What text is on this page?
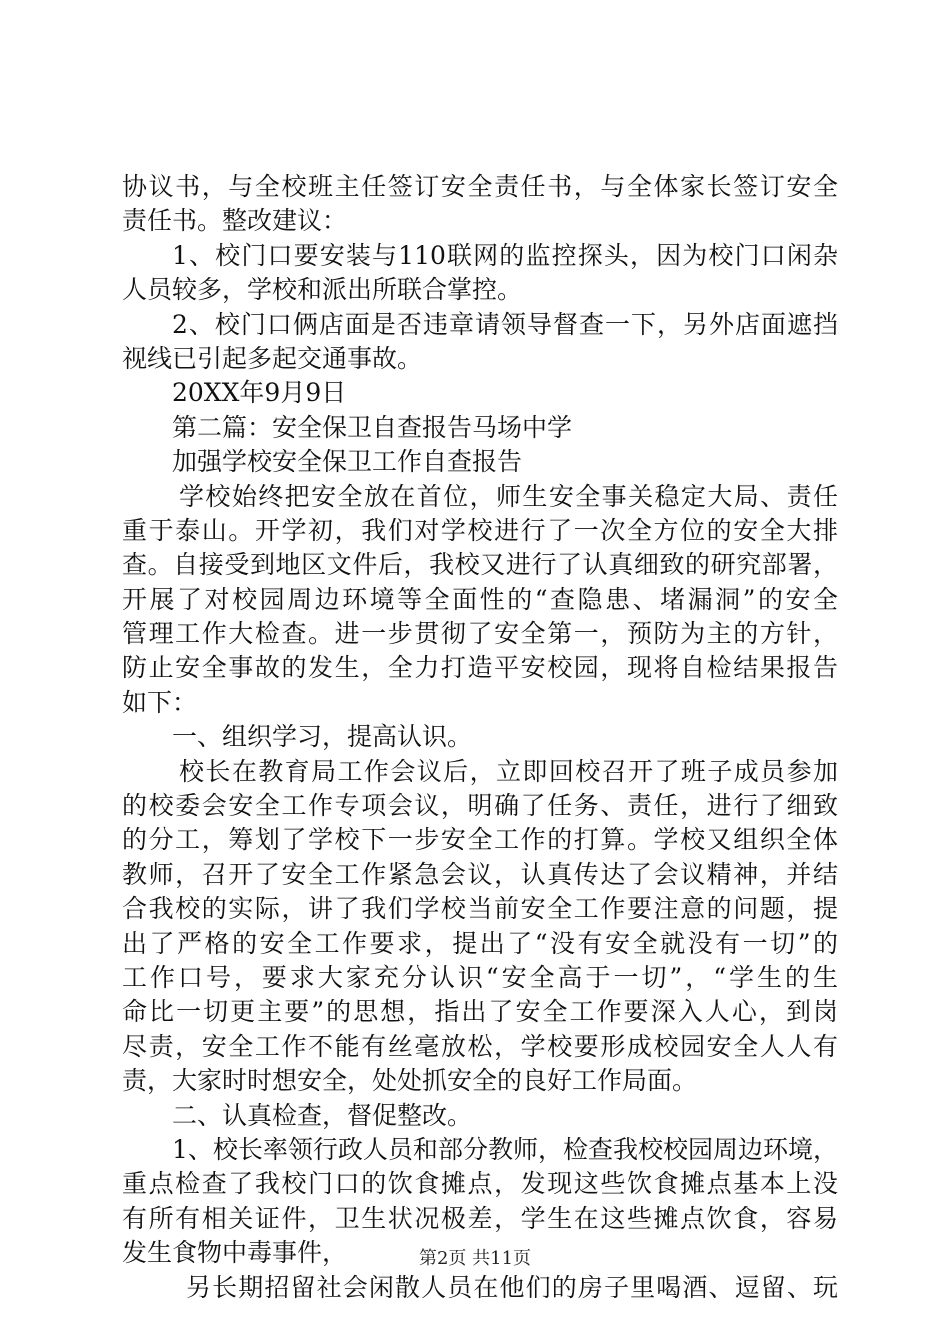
协议书，与全校班主任签订安全责任书，与全体家长签订安全
责任书。整改建议：
1、校门口要安装与110联网的监控探头，因为校门口闲杂
人员较多，学校和派出所联合掌控。
2、校门口俩店面是否违章请领导督查一下，另外店面遮挡
视线已引起多起交通事故。
20XX年9月9日
第二篇：安全保卫自查报告马场中学
加强学校安全保卫工作自查报告
学校始终把安全放在首位，师生安全事关稳定大局、责任
重于泰山。开学初，我们对学校进行了一次全方位的安全大排
查。自接受到地区文件后，我校又进行了认真细致的研究部署，
开展了对校园周边环境等全面性的“查隐患、堵漏洞”的安全
管理工作大检查。进一步贯彻了安全第一，预防为主的方针，
防止安全事故的发生，全力打造平安校园，现将自检结果报告
如下：
一、组织学习，提高认识。
校长在教育局工作会议后，立即回校召开了班子成员参加
的校委会安全工作专项会议，明确了任务、责任，进行了细致
的分工，筹划了学校下一步安全工作的打算。学校又组织全体
教师，召开了安全工作紧急会议，认真传达了会议精神，并结
合我校的实际，讲了我们学校当前安全工作要注意的问题，提
出了严格的安全工作要求，提出了“没有安全就没有一切”的
工作口号，要求大家充分认识“安全高于一切”，“学生的生
命比一切更主要”的思想，指出了安全工作要深入人心，到岗
尽责，安全工作不能有丝毫放松，学校要形成校园安全人人有
责，大家时时想安全，处处抓安全的良好工作局面。
二、认真检查，督促整改。
1、校长率领行政人员和部分教师，检查我校校园周边环境，
重点检查了我校门口的饮食摊点，发现这些饮食摊点基本上没
有所有相关证件，卫生状况极差，学生在这些摊点饮食，容易
发生食物中毒事件，
另长期招留社会闲散人员在他们的房子里喝酒、逗留、玩
第2页 共11页
